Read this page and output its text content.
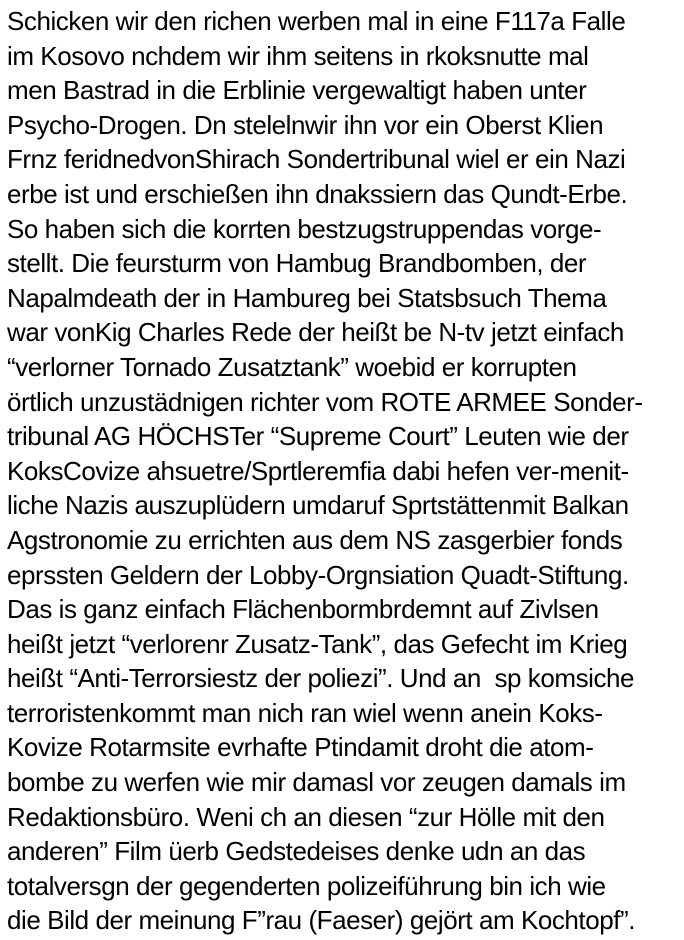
Schicken wir den richen werben mal in eine F117a Falle
im Kosovo nchdem wir ihm seitens in rkoksnutte mal
men Bastrad in die Erblinie vergewaltigt haben unter
Psycho-Drogen. Dn stelelnwir ihn vor ein Oberst Klien
Frnz feridnedvonShirach Sondertribunal wiel er ein Nazi
erbe ist und erschießen ihn dnakssiern das Qundt-Erbe.
So haben sich die korrten bestzugstruppendas vorge-
stellt. Die feursturm von Hambug Brandbomben, der
Napalmdeath der in Hambureg bei Statsbsuch Thema
war vonKig Charles Rede der heißt be N-tv jetzt einfach
“verlorner Tornado Zusatztank” woebid er korrupten
örtlich unzustädnigen richter vom ROTE ARMEE Sonder-
tribunal AG HÖCHSTer “Supreme Court” Leuten wie der
KoksCovize ahsuetre/Sprtleremfia dabi hefen ver-menit-
liche Nazis auszuplüdern umdaruf Sprtstättenmit Balkan
Agstronomie zu errichten aus dem NS zasgerbier fonds
eprssten Geldern der Lobby-Orgnsiation Quadt-Stiftung.
Das is ganz einfach Flächenbormbrdemnt auf Zivlsen
heißt jetzt “verlorenr Zusatz-Tank”, das Gefecht im Krieg
heißt “Anti-Terrorsiestz der poliezi”. Und an  sp komsiche
terroristenkommt man nich ran wiel wenn anein Koks-
Kovize Rotarmsite evrhafte Ptindamit droht die atom-
bombe zu werfen wie mir damasl vor zeugen damals im
Redaktionsbüro. Weni ch an diesen “zur Hölle mit den
anderen” Film üerb Gedstedeises denke udn an das
totalversgn der gegenderten polizeiführung bin ich wie
die Bild der meinung F”rau (Faeser) gejört am Kochtopf”.
